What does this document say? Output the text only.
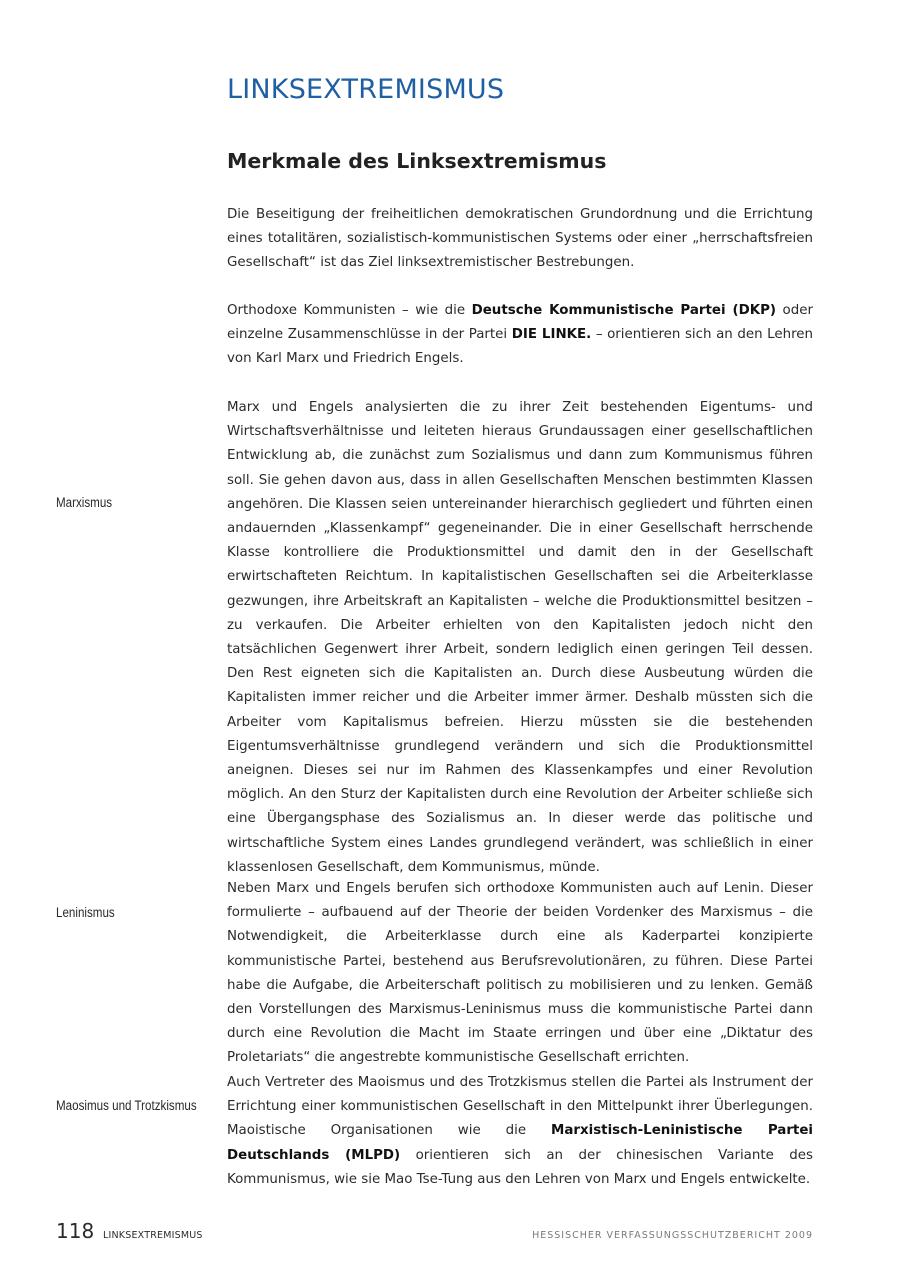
LINKSEXTREMISMUS
Merkmale des Linksextremismus

Die Beseitigung der freiheitlichen demokratischen Grundordnung und die Errichtung eines totalitären, sozialistisch-kommunistischen Systems oder einer „herrschaftsfreien Gesellschaft“ ist das Ziel linksextremistischer Bestrebungen.

Orthodoxe Kommunisten – wie die Deutsche Kommunistische Partei (DKP) oder einzelne Zusammenschlüsse in der Partei DIE LINKE. – orientieren sich an den Lehren von Karl Marx und Friedrich Engels.

Marx und Engels analysierten die zu ihrer Zeit bestehenden Eigentums- und Wirtschaftsverhältnisse und leiteten hieraus Grundaussagen einer gesellschaftlichen Entwicklung ab, die zunächst zum Sozialismus und dann zum Kommunismus führen soll. Sie gehen davon aus, dass in allen Gesellschaften Menschen bestimmten Klassen angehören. Die Klassen seien untereinander hierarchisch gegliedert und führten einen andauernden „Klassenkampf“ gegeneinander. Die in einer Gesellschaft herrschende Klasse kontrolliere die Produktionsmittel und damit den in der Gesellschaft erwirtschafteten Reichtum. In kapitalistischen Gesellschaften sei die Arbeiterklasse gezwungen, ihre Arbeitskraft an Kapitalisten – welche die Produktionsmittel besitzen – zu verkaufen. Die Arbeiter erhielten von den Kapitalisten jedoch nicht den tatsächlichen Gegenwert ihrer Arbeit, sondern lediglich einen geringen Teil dessen. Den Rest eigneten sich die Kapitalisten an. Durch diese Ausbeutung würden die Kapitalisten immer reicher und die Arbeiter immer ärmer. Deshalb müssten sich die Arbeiter vom Kapitalismus befreien. Hierzu müssten sie die bestehenden Eigentumsverhältnisse grundlegend verändern und sich die Produktionsmittel aneignen. Dieses sei nur im Rahmen des Klassenkampfes und einer Revolution möglich. An den Sturz der Kapitalisten durch eine Revolution der Arbeiter schließe sich eine Übergangsphase des Sozialismus an. In dieser werde das politische und wirtschaftliche System eines Landes grundlegend verändert, was schließlich in einer klassenlosen Gesellschaft, dem Kommunismus, münde.

Neben Marx und Engels berufen sich orthodoxe Kommunisten auch auf Lenin. Dieser formulierte – aufbauend auf der Theorie der beiden Vordenker des Marxismus – die Notwendigkeit, die Arbeiterklasse durch eine als Kaderpartei konzipierte kommunistische Partei, bestehend aus Berufsrevolutionären, zu führen. Diese Partei habe die Aufgabe, die Arbeiterschaft politisch zu mobilisieren und zu lenken. Gemäß den Vorstellungen des Marxismus-Leninismus muss die kommunistische Partei dann durch eine Revolution die Macht im Staate erringen und über eine „Diktatur des Proletariats“ die angestrebte kommunistische Gesellschaft errichten.

Auch Vertreter des Maoismus und des Trotzkismus stellen die Partei als Instrument der Errichtung einer kommunistischen Gesellschaft in den Mittelpunkt ihrer Überlegungen. Maoistische Organisationen wie die Marxistisch-Leninistische Partei Deutschlands (MLPD) orientieren sich an der chinesischen Variante des Kommunismus, wie sie Mao Tse-Tung aus den Lehren von Marx und Engels entwickelte.

Marxismus

Leninismus

Maosimus und Trotzkismus

118 LINKSEXTREMISMUS	HESSISCHER VERFASSUNGSSCHUTZBERICHT 2009
